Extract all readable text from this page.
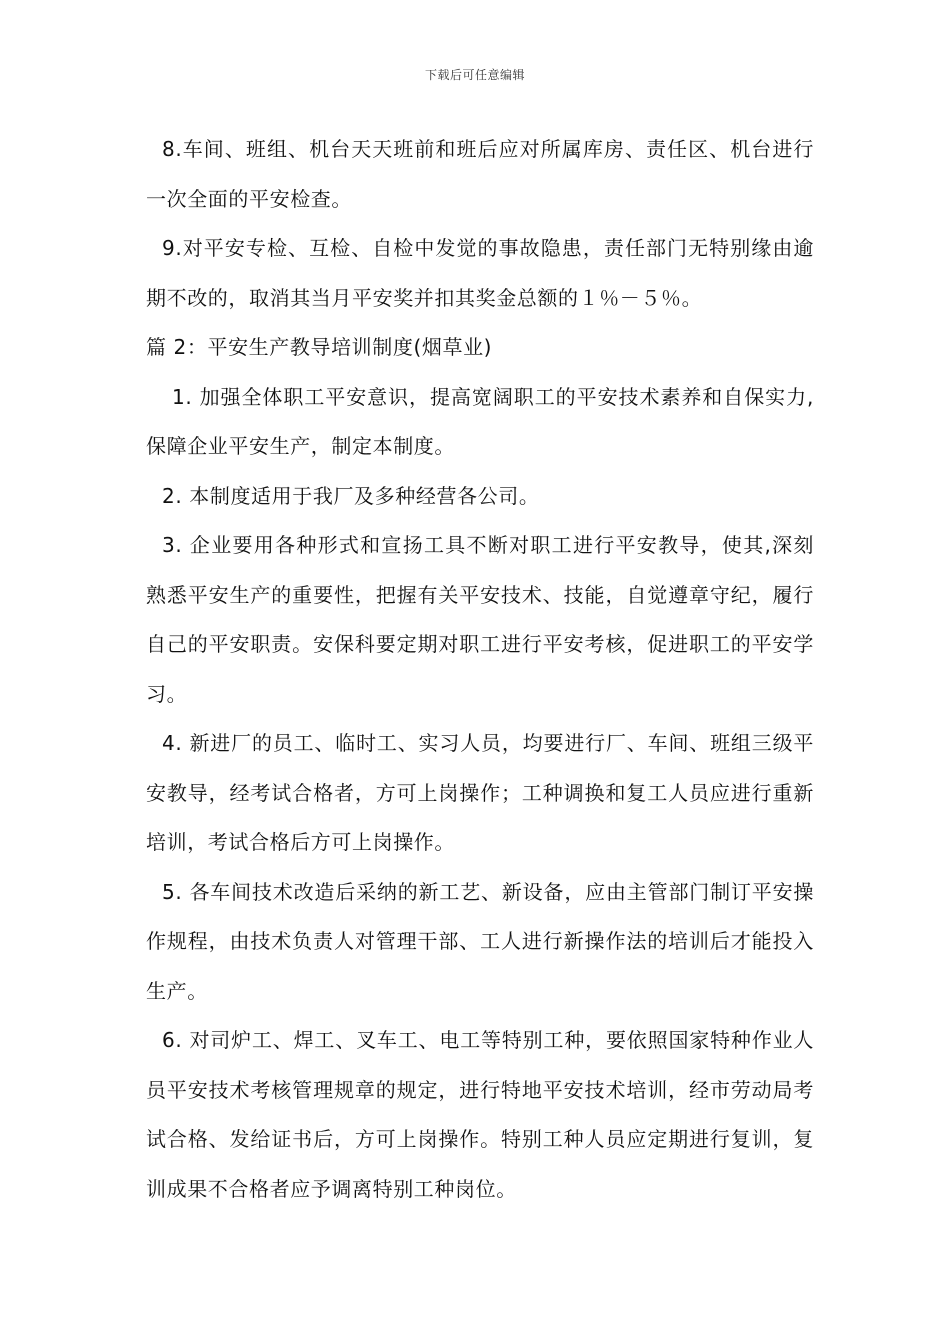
下载后可任意编辑

8.车间、班组、机台天天班前和班后应对所属库房、责任区、机台进行一次全面的平安检查。

9.对平安专检、互检、自检中发觉的事故隐患，责任部门无特别缘由逾期不改的，取消其当月平安奖并扣其奖金总额的１％－５％。

篇 2：平安生产教导培训制度(烟草业)

1. 加强全体职工平安意识，提高宽阔职工的平安技术素养和自保实力,保障企业平安生产，制定本制度。

2. 本制度适用于我厂及多种经营各公司。

3. 企业要用各种形式和宣扬工具不断对职工进行平安教导，使其,深刻熟悉平安生产的重要性，把握有关平安技术、技能，自觉遵章守纪，履行自己的平安职责。安保科要定期对职工进行平安考核，促进职工的平安学习。

4. 新进厂的员工、临时工、实习人员，均要进行厂、车间、班组三级平安教导，经考试合格者，方可上岗操作；工种调换和复工人员应进行重新培训，考试合格后方可上岗操作。

5. 各车间技术改造后采纳的新工艺、新设备，应由主管部门制订平安操作规程，由技术负责人对管理干部、工人进行新操作法的培训后才能投入生产。

6. 对司炉工、焊工、叉车工、电工等特别工种，要依照国家特种作业人员平安技术考核管理规章的规定，进行特地平安技术培训，经市劳动局考试合格、发给证书后，方可上岗操作。特别工种人员应定期进行复训，复训成果不合格者应予调离特别工种岗位。
